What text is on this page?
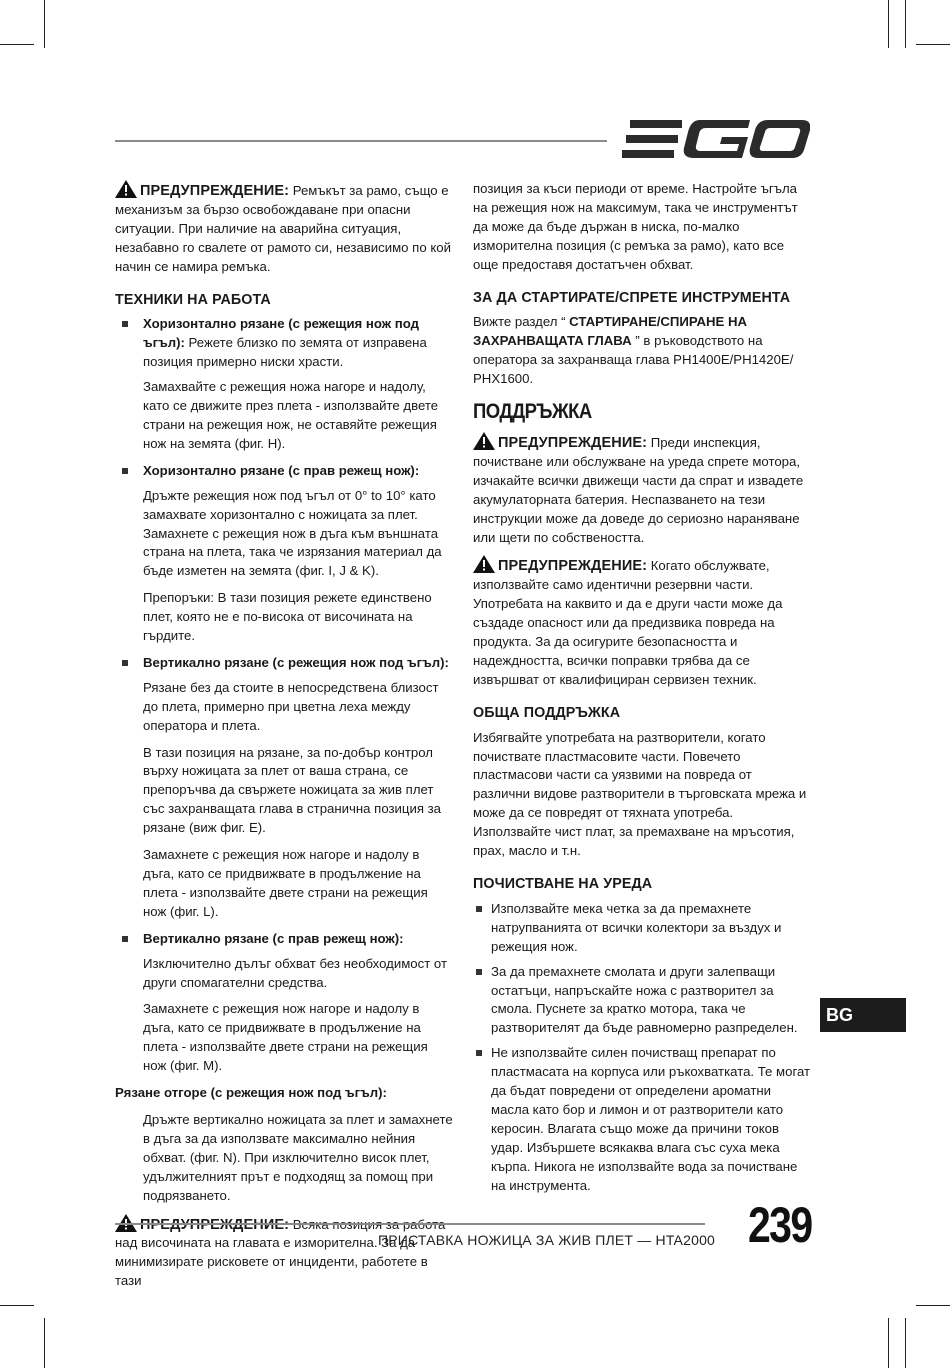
ПРЕДУПРЕЖДЕНИЕ: Ремъкът за рамо, също е механизъм за бързо освобождаване при опасни ситуации. При наличие на аварийна ситуация, незабавно го свалете от рамото си, независимо по кой начин се намира ремъка.

ТЕХНИКИ НА РАБОТА
Хоризонтално рязане (с режещия нож под ъгъл): Режете близко по земята от изправена позиция примерно ниски храсти.

Замахвайте с режещия ножа нагоре и надолу, като се движите през плета - използвайте двете страни на режещия нож, не оставяйте режещия нож на земята (фиг. H).

Хоризонтално рязане (с прав режещ нож):

Дръжте режещия нож под ъгъл от 0° to 10° като замахвате хоризонтално с ножицата за плет. Замахнете с режещия нож в дъга към външната страна на плета, така че изрязания материал да бъде изметен на земята (фиг. I, J & K).

Препоръки: В тази позиция режете единствено плет, която не е по-висока от височината на гърдите.

Вертикално рязане (с режещия нож под ъгъл):

Рязане без да стоите в непосредствена близост до плета, примерно при цветна леха между оператора и плета.

В тази позиция на рязане, за по-добър контрол върху ножицата за плет от ваша страна, се препоръчва да свържете ножицата за жив плет със захранващата глава в странична позиция за рязане (виж фиг. E).

Замахнете с режещия нож нагоре и надолу в дъга, като се придвижвате в продължение на плета - използвайте двете страни на режещия нож (фиг. L).

Вертикално рязане (с прав режещ нож):

Изключително дълъг обхват без необходимост от други спомагателни средства.

Замахнете с режещия нож нагоре и надолу в дъга, като се придвижвате в продължение на плета - използвайте двете страни на режещия нож (фиг. M).

Рязане отгоре (с режещия нож под ъгъл):

Дръжте вертикално ножицата за плет и замахнете в дъга за да използвате максимално нейния обхват. (фиг. N). При изключително висок плет, удължителният прът е подходящ за помощ при подрязването.

над височината на главата е изморителна. За да минимизирате рисковете от инциденти, работете в тази

позиция за къси периоди от време. Настройте ъгъла на режещия нож на максимум, така че инструментът да може да бъде държан в ниска, по-малко изморителна позиция (с ремъка за рамо), като все още предоставя достатъчен обхват.

ЗА ДА СТАРТИРАТЕ/СПРЕТЕ ИНСТРУМЕНТА

Вижте раздел “ СТАРТИРАНЕ/СПИРАНЕ НА ЗАХРАНВАЩАТА ГЛАВА ” в ръководството на оператора за захранваща глава PH1400E/PH1420E/ PHX1600.

ПОДДРЪЖКА

ПРЕДУПРЕЖДЕНИЕ: Преди инспекция, почистване или обслужване на уреда спрете мотора, изчакайте всички движещи части да спрат и извадете акумулаторната батерия. Неспазването на тези инструкции може да доведе до сериозно нараняване или щети по собствеността.

ПРЕДУПРЕЖДЕНИЕ: Когато обслужвате, използвайте само идентични резервни части. Употребата на каквито и да е други части може да създаде опасност или да предизвика повреда на продукта. За да осигурите безопасността и надеждността, всички поправки трябва да се извършват от квалифициран сервизен техник.

ОБЩА ПОДДРЪЖКА

Избягвайте употребата на разтворители, когато почиствате пластмасовите части. Повечето пластмасови части са уязвими на повреда от различни видове разтворители в търговската мрежа и може да се повредят от тяхната употреба. Използвайте чист плат, за премахване на мръсотия, прах, масло и т.н.

ПОЧИСТВАНЕ НА УРЕДА
Използвайте мека четка за да премахнете натрупванията от всички колектори за въздух и режещия нож.
За да премахнете смолата и други залепващи остатъци, напръскайте ножа с разтворител за смола. Пуснете за кратко мотора, така че разтворителят да бъде равномерно разпределен.
Не използвайте силен почистващ препарат по пластмасата на корпуса или ръкохватката. Те могат да бъдат повредени от определени ароматни масла като бор и лимон и от разтворители като керосин. Влагата също може да причини токов удар. Избършете всякаква влага със суха мека кърпа. Никога не използвайте вода за почистване на инструмента.
BG
ПРИСТАВКА НОЖИЦА ЗА ЖИВ ПЛЕТ — HTA2000 239
